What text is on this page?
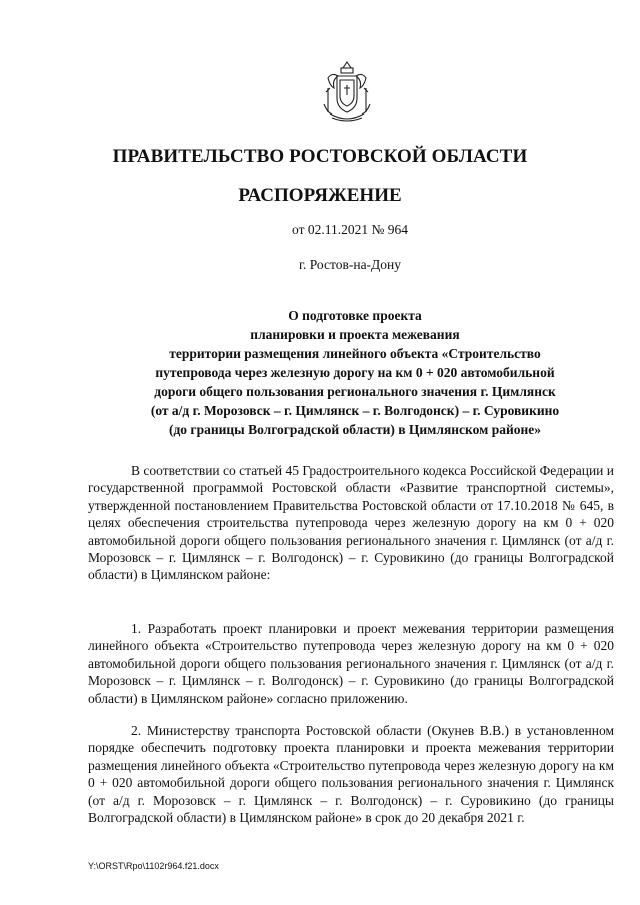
ПРАВИТЕЛЬСТВО РОСТОВСКОЙ ОБЛАСТИ
РАСПОРЯЖЕНИЕ
от 02.11.2021 № 964
г. Ростов-на-Дону
О подготовке проекта
планировки и проекта межевания
территории размещения линейного объекта «Строительство
путепровода через железную дорогу на км 0 + 020 автомобильной
дороги общего пользования регионального значения г. Цимлянск
(от а/д г. Морозовск – г. Цимлянск – г. Волгодонск) – г. Суровикино
(до границы Волгоградской области) в Цимлянском районе»

В соответствии со статьей 45 Градостроительного кодекса Российской Федерации и государственной программой Ростовской области «Развитие транспортной системы», утвержденной постановлением Правительства Ростовской области от 17.10.2018 № 645, в целях обеспечения строительства путепровода через железную дорогу на км 0 + 020 автомобильной дороги общего пользования регионального значения г. Цимлянск (от а/д г. Морозовск – г. Цимлянск – г. Волгодонск) – г. Суровикино (до границы Волгоградской области) в Цимлянском районе:

1. Разработать проект планировки и проект межевания территории размещения линейного объекта «Строительство путепровода через железную дорогу на км 0 + 020 автомобильной дороги общего пользования регионального значения г. Цимлянск (от а/д г. Морозовск – г. Цимлянск – г. Волгодонск) – г. Суровикино (до границы Волгоградской области) в Цимлянском районе» согласно приложению.

2. Министерству транспорта Ростовской области (Окунев В.В.) в установленном порядке обеспечить подготовку проекта планировки и проекта межевания территории размещения линейного объекта «Строительство путепровода через железную дорогу на км 0 + 020 автомобильной дороги общего пользования регионального значения г. Цимлянск (от а/д г. Морозовск – г. Цимлянск – г. Волгодонск) – г. Суровикино (до границы Волгоградской области) в Цимлянском районе» в срок до 20 декабря 2021 г.

Y:\ORST\Rpo\1102r964.f21.docx
